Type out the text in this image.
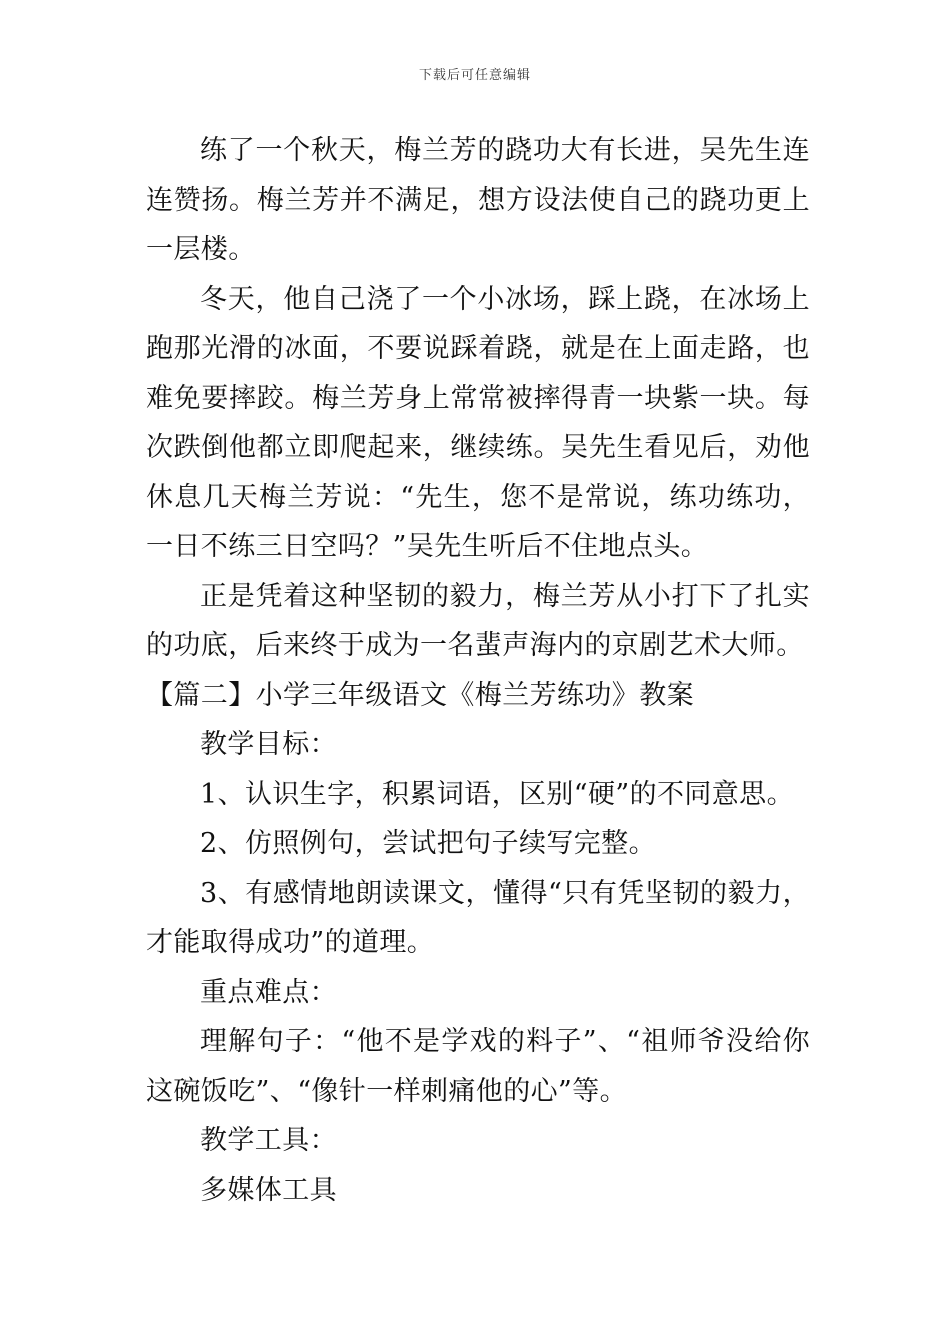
下载后可任意编辑

练了一个秋天，梅兰芳的跷功大有长进，吴先生连连赞扬。梅兰芳并不满足，想方设法使自己的跷功更上一层楼。

冬天，他自己浇了一个小冰场，踩上跷，在冰场上跑那光滑的冰面，不要说踩着跷，就是在上面走路，也难免要摔跤。梅兰芳身上常常被摔得青一块紫一块。每次跌倒他都立即爬起来，继续练。吴先生看见后，劝他休息几天梅兰芳说：“先生，您不是常说，练功练功，一日不练三日空吗？”吴先生听后不住地点头。

正是凭着这种坚韧的毅力，梅兰芳从小打下了扎实的功底，后来终于成为一名蜚声海内的京剧艺术大师。

【篇二】小学三年级语文《梅兰芳练功》教案

教学目标：

1、认识生字，积累词语，区别“硬”的不同意思。

2、仿照例句，尝试把句子续写完整。

3、有感情地朗读课文，懂得“只有凭坚韧的毅力，才能取得成功”的道理。

重点难点：

理解句子：“他不是学戏的料子”、“祖师爷没给你这碗饭吃”、“像针一样刺痛他的心”等。

教学工具：

多媒体工具
